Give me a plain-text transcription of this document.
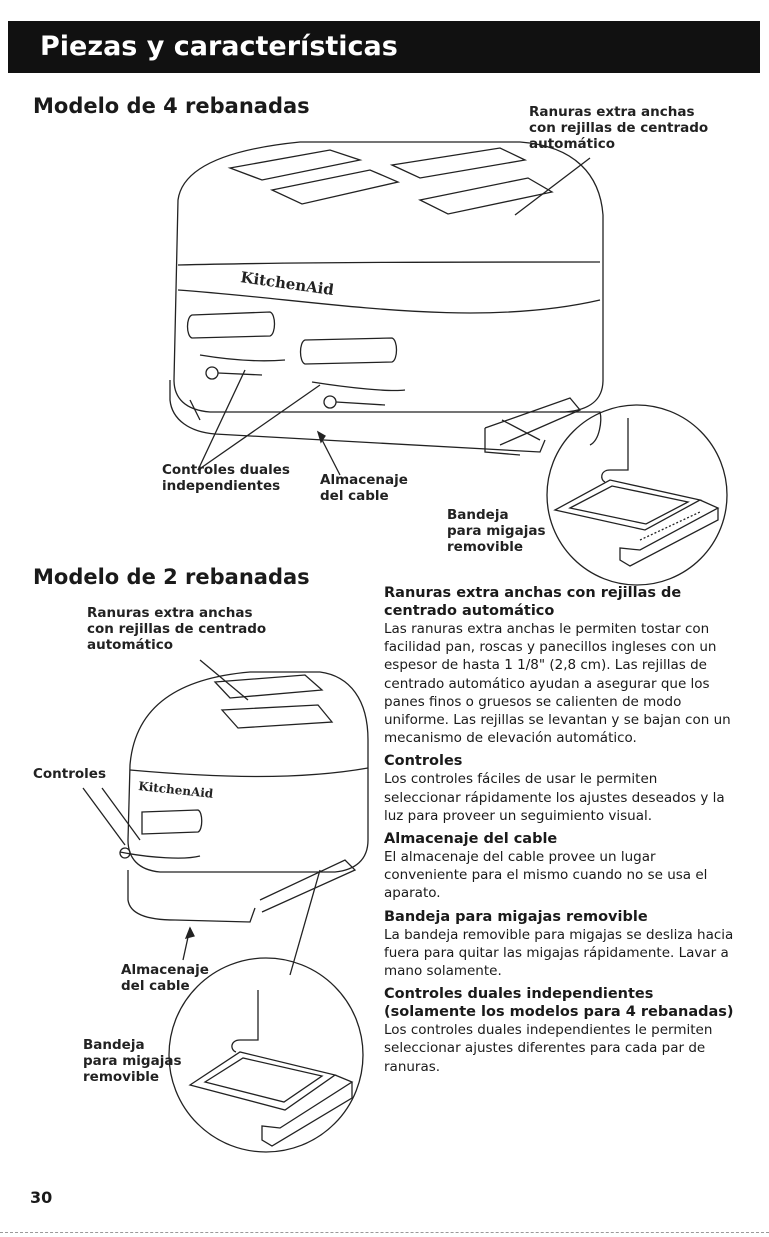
Piezas y características
Modelo de 4 rebanadas
Modelo de 2 rebanadas
KitchenAid
KitchenAid
Ranuras extra anchas
con rejillas de centrado
automático
Controles duales
independientes	Almacenaje
del cable
Bandeja
para migajas
removible
Ranuras extra anchas
con rejillas de centrado
automático
Controles
Almacenaje
del cable
Bandeja
para migajas
removible

Ranuras extra anchas con rejillas de centrado automático

Las ranuras extra anchas le permiten tostar con facilidad pan, roscas y panecillos ingleses con un espesor de hasta 1 1/8" (2,8 cm). Las rejillas de centrado automático ayudan a asegurar que los panes finos o gruesos se calienten de modo uniforme. Las rejillas se levantan y se bajan con un mecanismo de elevación automático.

Controles

Los controles fáciles de usar le permiten seleccionar rápidamente los ajustes deseados y la luz para proveer un seguimiento visual.

Almacenaje del cable

El almacenaje del cable provee un lugar conveniente para el mismo cuando no se usa el aparato.

Bandeja para migajas removible

La bandeja removible para migajas se desliza hacia fuera para quitar las migajas rápidamente. Lavar a mano solamente.

Controles duales independientes (solamente los modelos para 4 rebanadas)

Los controles duales independientes le permiten seleccionar ajustes diferentes para cada par de ranuras.

30
